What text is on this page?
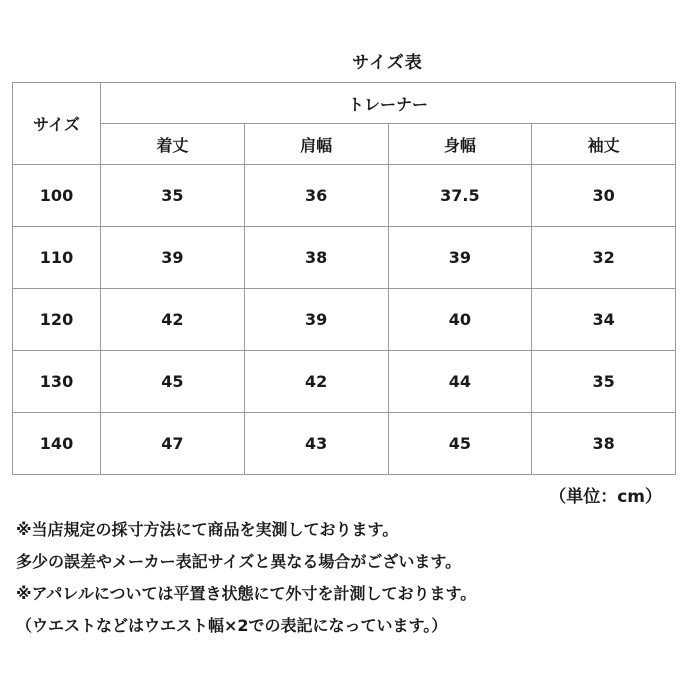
サイズ表
サイズ	トレーナー			
	着丈	肩幅	身幅	袖丈
100	35	36	37.5	30
110	39	38	39	32
120	42	39	40	34
130	45	42	44	35
140	47	43	45	38
（単位：cm）
※当店規定の採寸方法にて商品を実測しております。
多少の誤差やメーカー表記サイズと異なる場合がございます。
※アパレルについては平置き状態にて外寸を計測しております。
（ウエストなどはウエスト幅×2での表記になっています。）
